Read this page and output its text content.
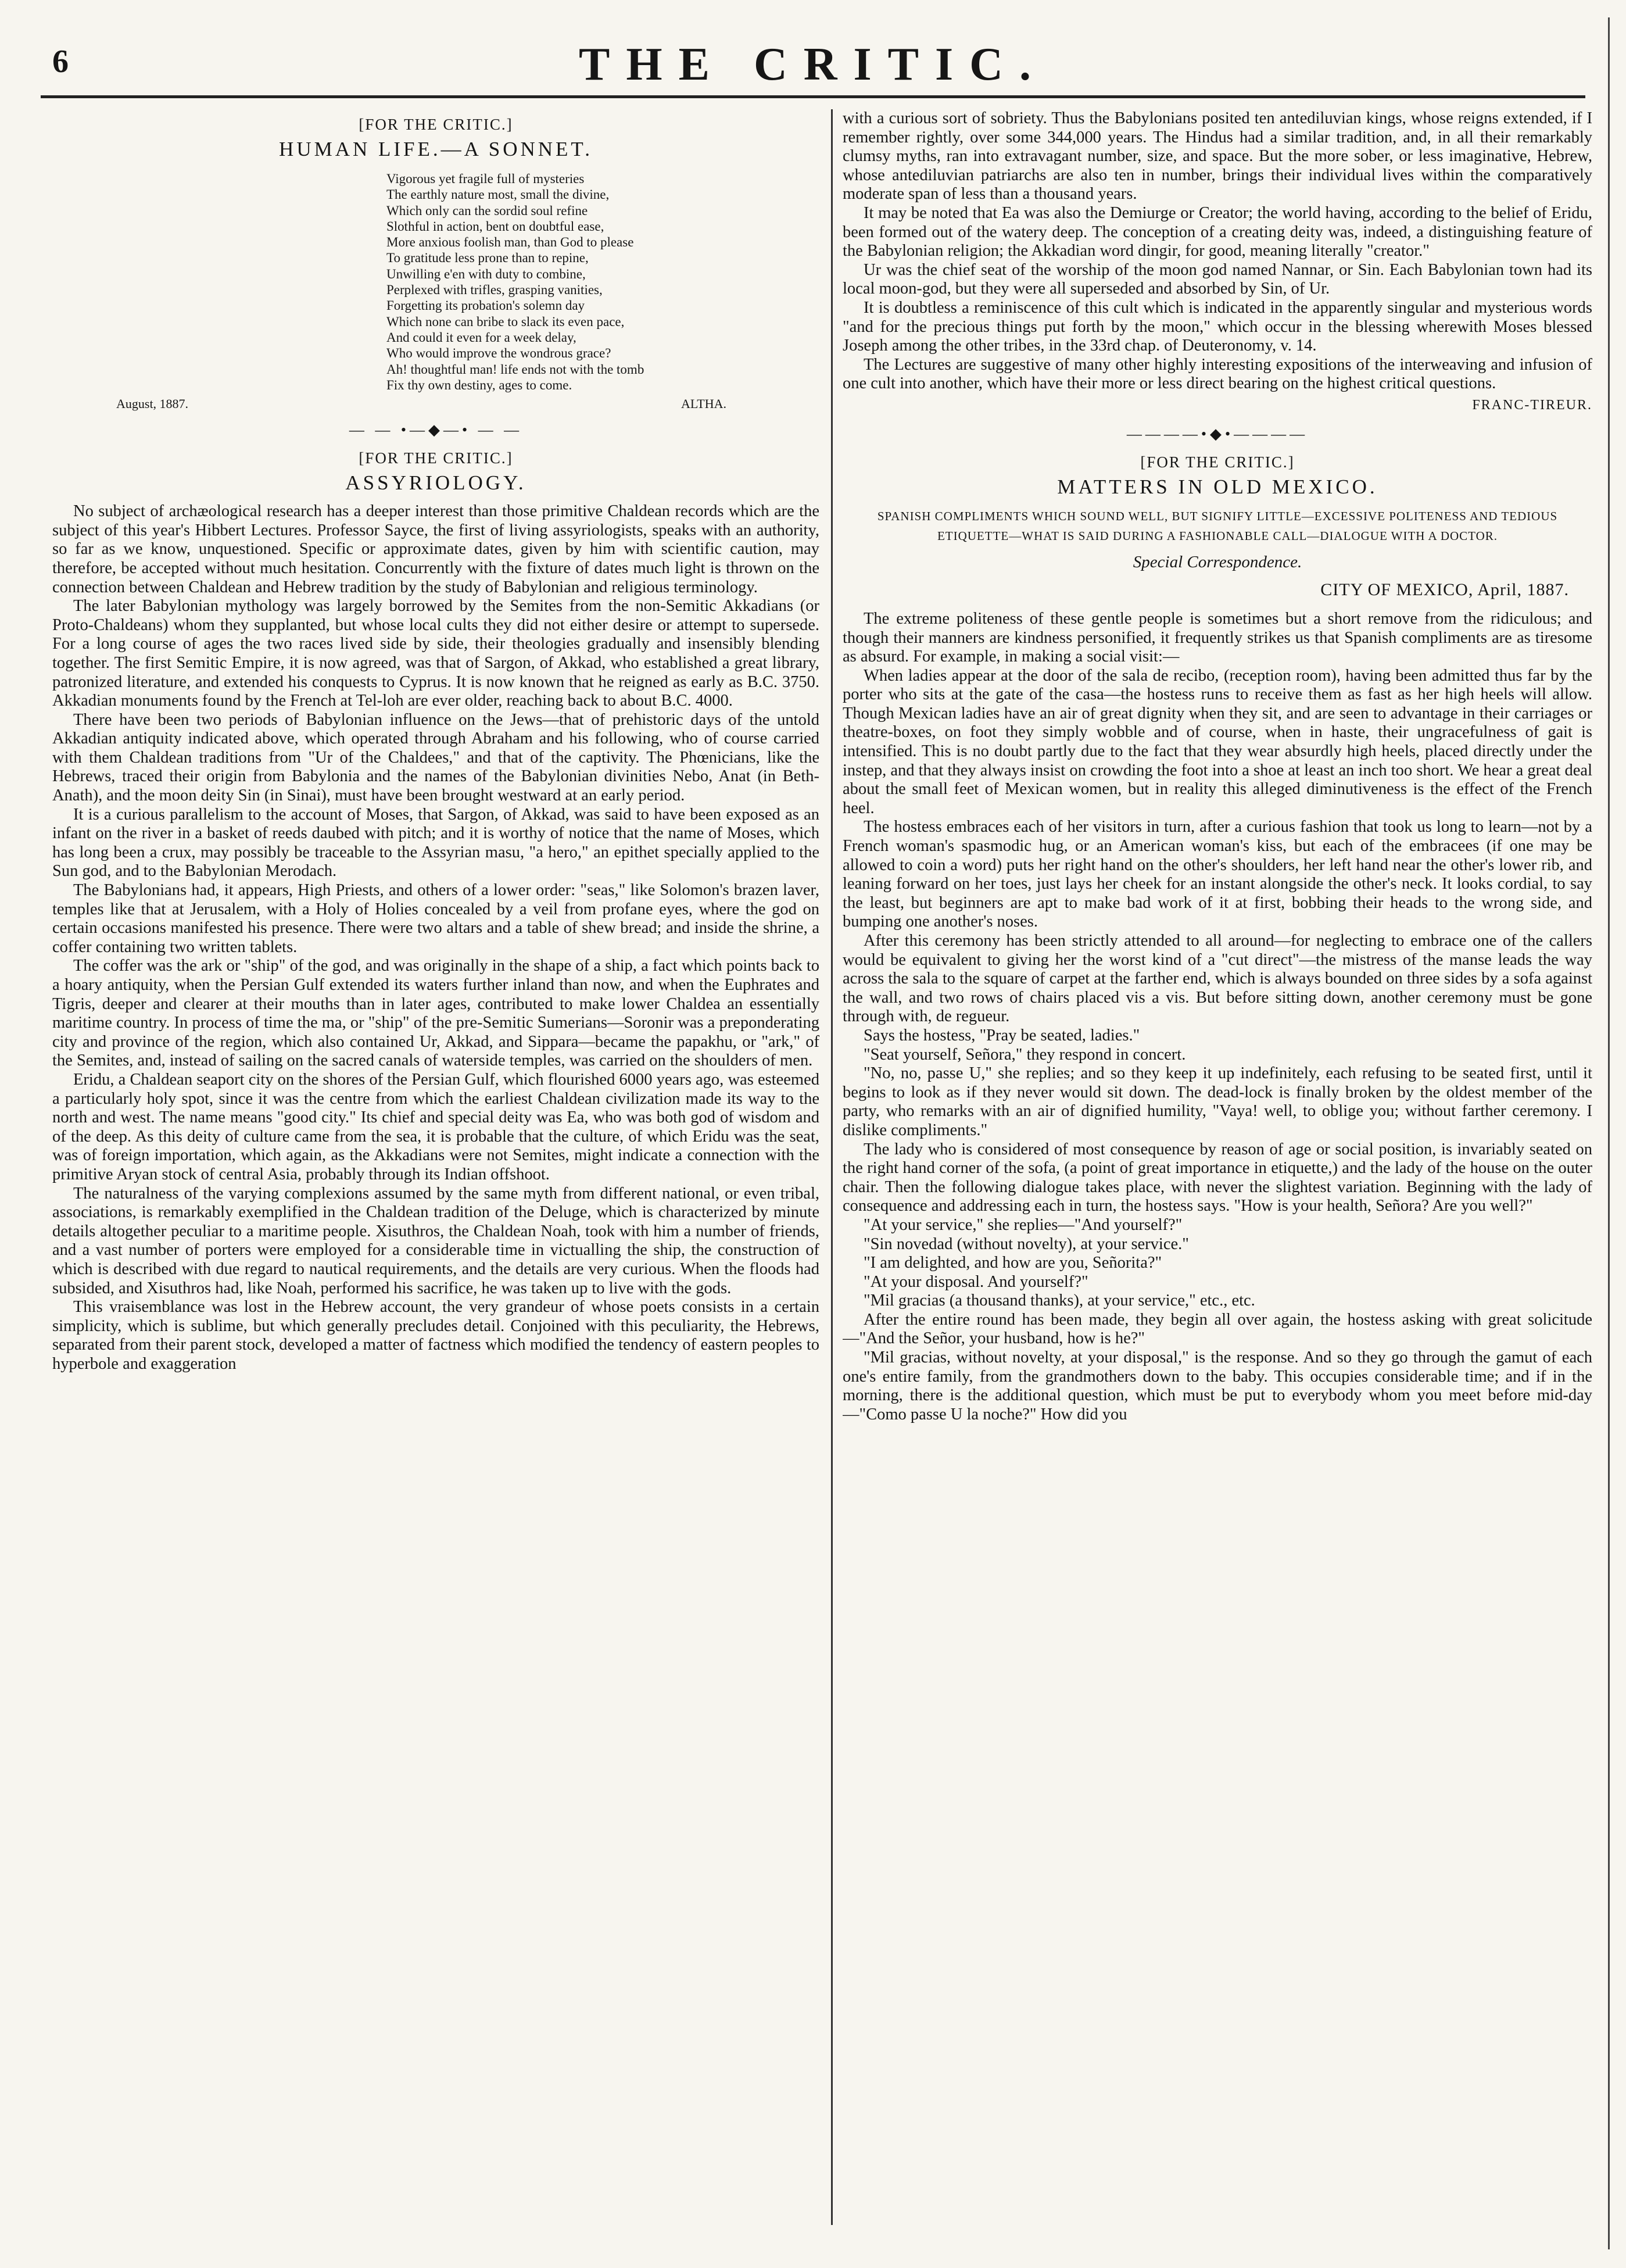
6	THE CRITIC.
[FOR THE CRITIC.]
HUMAN LIFE.—A SONNET.
Vigorous yet fragile full of mysteries
The earthly nature most, small the divine,
Which only can the sordid soul refine
Slothful in action, bent on doubtful ease,
More anxious foolish man, than God to please
To gratitude less prone than to repine,
Unwilling e'en with duty to combine,
Perplexed with trifles, grasping vanities,
Forgetting its probation's solemn day
Which none can bribe to slack its even pace,
And could it even for a week delay,
Who would improve the wondrous grace?
Ah! thoughtful man! life ends not with the tomb
Fix thy own destiny, ages to come.
August, 1887.	ALTHA.
— — •—◆—• — —
[FOR THE CRITIC.]
ASSYRIOLOGY.

No subject of archæological research has a deeper interest than those primitive Chaldean records which are the subject of this year's Hibbert Lectures. Professor Sayce, the first of living assyriologists, speaks with an authority, so far as we know, unquestioned. Specific or approximate dates, given by him with scientific caution, may therefore, be accepted without much hesitation. Concurrently with the fixture of dates much light is thrown on the connection between Chaldean and Hebrew tradition by the study of Babylonian and religious terminology.

The later Babylonian mythology was largely borrowed by the Semites from the non-Semitic Akkadians (or Proto-Chaldeans) whom they supplanted, but whose local cults they did not either desire or attempt to supersede. For a long course of ages the two races lived side by side, their theologies gradually and insensibly blending together. The first Semitic Empire, it is now agreed, was that of Sargon, of Akkad, who established a great library, patronized literature, and extended his conquests to Cyprus. It is now known that he reigned as early as B.C. 3750. Akkadian monuments found by the French at Tel-loh are ever older, reaching back to about B.C. 4000.

There have been two periods of Babylonian influence on the Jews—that of prehistoric days of the untold Akkadian antiquity indicated above, which operated through Abraham and his following, who of course carried with them Chaldean traditions from "Ur of the Chaldees," and that of the captivity. The Phœnicians, like the Hebrews, traced their origin from Babylonia and the names of the Babylonian divinities Nebo, Anat (in Beth-Anath), and the moon deity Sin (in Sinai), must have been brought westward at an early period.

It is a curious parallelism to the account of Moses, that Sargon, of Akkad, was said to have been exposed as an infant on the river in a basket of reeds daubed with pitch; and it is worthy of notice that the name of Moses, which has long been a crux, may possibly be traceable to the Assyrian masu, "a hero," an epithet specially applied to the Sun god, and to the Babylonian Merodach.

The Babylonians had, it appears, High Priests, and others of a lower order: "seas," like Solomon's brazen laver, temples like that at Jerusalem, with a Holy of Holies concealed by a veil from profane eyes, where the god on certain occasions manifested his presence. There were two altars and a table of shew bread; and inside the shrine, a coffer containing two written tablets.

The coffer was the ark or "ship" of the god, and was originally in the shape of a ship, a fact which points back to a hoary antiquity, when the Persian Gulf extended its waters further inland than now, and when the Euphrates and Tigris, deeper and clearer at their mouths than in later ages, contributed to make lower Chaldea an essentially maritime country. In process of time the ma, or "ship" of the pre-Semitic Sumerians—Soronir was a preponderating city and province of the region, which also contained Ur, Akkad, and Sippara—became the papakhu, or "ark," of the Semites, and, instead of sailing on the sacred canals of waterside temples, was carried on the shoulders of men.

Eridu, a Chaldean seaport city on the shores of the Persian Gulf, which flourished 6000 years ago, was esteemed a particularly holy spot, since it was the centre from which the earliest Chaldean civilization made its way to the north and west. The name means "good city." Its chief and special deity was Ea, who was both god of wisdom and of the deep. As this deity of culture came from the sea, it is probable that the culture, of which Eridu was the seat, was of foreign importation, which again, as the Akkadians were not Semites, might indicate a connection with the primitive Aryan stock of central Asia, probably through its Indian offshoot.

The naturalness of the varying complexions assumed by the same myth from different national, or even tribal, associations, is remarkably exemplified in the Chaldean tradition of the Deluge, which is characterized by minute details altogether peculiar to a maritime people. Xisuthros, the Chaldean Noah, took with him a number of friends, and a vast number of porters were employed for a considerable time in victualling the ship, the construction of which is described with due regard to nautical requirements, and the details are very curious. When the floods had subsided, and Xisuthros had, like Noah, performed his sacrifice, he was taken up to live with the gods.

This vraisemblance was lost in the Hebrew account, the very grandeur of whose poets consists in a certain simplicity, which is sublime, but which generally precludes detail. Conjoined with this peculiarity, the Hebrews, separated from their parent stock, developed a matter of factness which modified the tendency of eastern peoples to hyperbole and exaggeration

with a curious sort of sobriety. Thus the Babylonians posited ten antediluvian kings, whose reigns extended, if I remember rightly, over some 344,000 years. The Hindus had a similar tradition, and, in all their remarkably clumsy myths, ran into extravagant number, size, and space. But the more sober, or less imaginative, Hebrew, whose antediluvian patriarchs are also ten in number, brings their individual lives within the comparatively moderate span of less than a thousand years.

It may be noted that Ea was also the Demiurge or Creator; the world having, according to the belief of Eridu, been formed out of the watery deep. The conception of a creating deity was, indeed, a distinguishing feature of the Babylonian religion; the Akkadian word dingir, for good, meaning literally "creator."

Ur was the chief seat of the worship of the moon god named Nannar, or Sin. Each Babylonian town had its local moon-god, but they were all superseded and absorbed by Sin, of Ur.

It is doubtless a reminiscence of this cult which is indicated in the apparently singular and mysterious words "and for the precious things put forth by the moon," which occur in the blessing wherewith Moses blessed Joseph among the other tribes, in the 33rd chap. of Deuteronomy, v. 14.

The Lectures are suggestive of many other highly interesting expositions of the interweaving and infusion of one cult into another, which have their more or less direct bearing on the highest critical questions.

FRANC-TIREUR.
————•◆•————
[FOR THE CRITIC.]
MATTERS IN OLD MEXICO.
SPANISH COMPLIMENTS WHICH SOUND WELL, BUT SIGNIFY LITTLE—EXCESSIVE POLITENESS AND TEDIOUS ETIQUETTE—WHAT IS SAID DURING A FASHIONABLE CALL—DIALOGUE WITH A DOCTOR.
Special Correspondence.
CITY OF MEXICO, April, 1887.

The extreme politeness of these gentle people is sometimes but a short remove from the ridiculous; and though their manners are kindness personified, it frequently strikes us that Spanish compliments are as tiresome as absurd. For example, in making a social visit:—

When ladies appear at the door of the sala de recibo, (reception room), having been admitted thus far by the porter who sits at the gate of the casa—the hostess runs to receive them as fast as her high heels will allow. Though Mexican ladies have an air of great dignity when they sit, and are seen to advantage in their carriages or theatre-boxes, on foot they simply wobble and of course, when in haste, their ungracefulness of gait is intensified. This is no doubt partly due to the fact that they wear absurdly high heels, placed directly under the instep, and that they always insist on crowding the foot into a shoe at least an inch too short. We hear a great deal about the small feet of Mexican women, but in reality this alleged diminutiveness is the effect of the French heel.

The hostess embraces each of her visitors in turn, after a curious fashion that took us long to learn—not by a French woman's spasmodic hug, or an American woman's kiss, but each of the embracees (if one may be allowed to coin a word) puts her right hand on the other's shoulders, her left hand near the other's lower rib, and leaning forward on her toes, just lays her cheek for an instant alongside the other's neck. It looks cordial, to say the least, but beginners are apt to make bad work of it at first, bobbing their heads to the wrong side, and bumping one another's noses.

After this ceremony has been strictly attended to all around—for neglecting to embrace one of the callers would be equivalent to giving her the worst kind of a "cut direct"—the mistress of the manse leads the way across the sala to the square of carpet at the farther end, which is always bounded on three sides by a sofa against the wall, and two rows of chairs placed vis a vis. But before sitting down, another ceremony must be gone through with, de regueur.

Says the hostess, "Pray be seated, ladies."

"Seat yourself, Señora," they respond in concert.

"No, no, passe U," she replies; and so they keep it up indefinitely, each refusing to be seated first, until it begins to look as if they never would sit down. The dead-lock is finally broken by the oldest member of the party, who remarks with an air of dignified humility, "Vaya! well, to oblige you; without farther ceremony. I dislike compliments."

The lady who is considered of most consequence by reason of age or social position, is invariably seated on the right hand corner of the sofa, (a point of great importance in etiquette,) and the lady of the house on the outer chair. Then the following dialogue takes place, with never the slightest variation. Beginning with the lady of consequence and addressing each in turn, the hostess says. "How is your health, Señora? Are you well?"

"At your service," she replies—"And yourself?"

"Sin novedad (without novelty), at your service."

"I am delighted, and how are you, Señorita?"

"At your disposal. And yourself?"

"Mil gracias (a thousand thanks), at your service," etc., etc.

After the entire round has been made, they begin all over again, the hostess asking with great solicitude—"And the Señor, your husband, how is he?"

"Mil gracias, without novelty, at your disposal," is the response. And so they go through the gamut of each one's entire family, from the grandmothers down to the baby. This occupies considerable time; and if in the morning, there is the additional question, which must be put to everybody whom you meet before mid-day—"Como passe U la noche?" How did you
